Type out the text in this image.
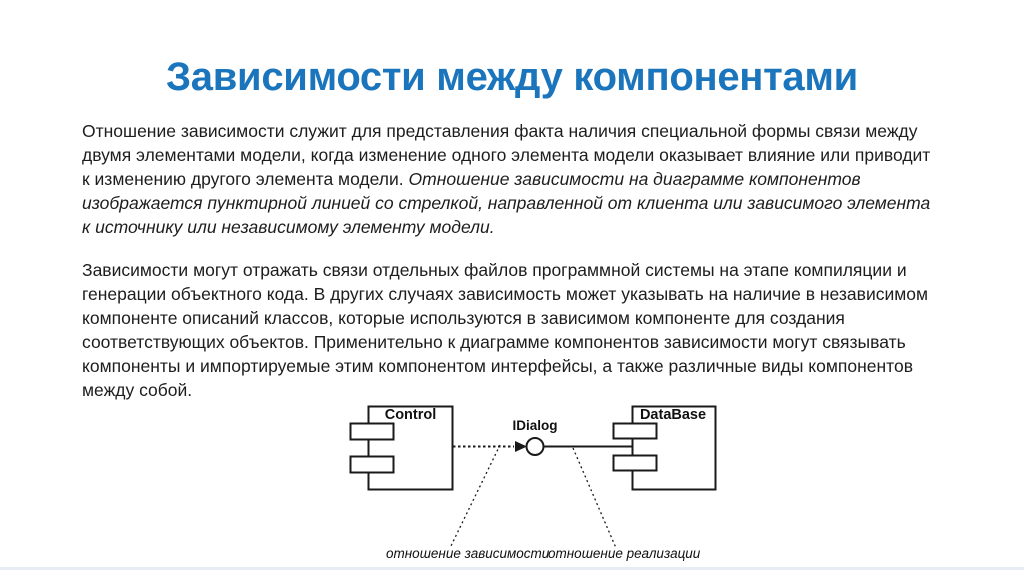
Зависимости между компонентами
Отношение зависимости служит для представления факта наличия специальной формы связи между
двумя элементами модели, когда изменение одного элемента модели оказывает влияние или приводит
к изменению другого элемента модели. Отношение зависимости на диаграмме компонентов
изображается пунктирной линией со стрелкой, направленной от клиента или зависимого элемента
к источнику или независимому элементу модели.
Зависимости могут отражать связи отдельных файлов программной системы на этапе компиляции и
генерации объектного кода. В других случаях зависимость может указывать на наличие в независимом
компоненте описаний классов, которые используются в зависимом компоненте для создания
соответствующих объектов. Применительно к диаграмме компонентов зависимости могут связывать
компоненты и импортируемые этим компонентом интерфейсы, а также различные виды компонентов
между собой.
Control	DataBase
IDialog
отношение зависимости
отношение реализации
